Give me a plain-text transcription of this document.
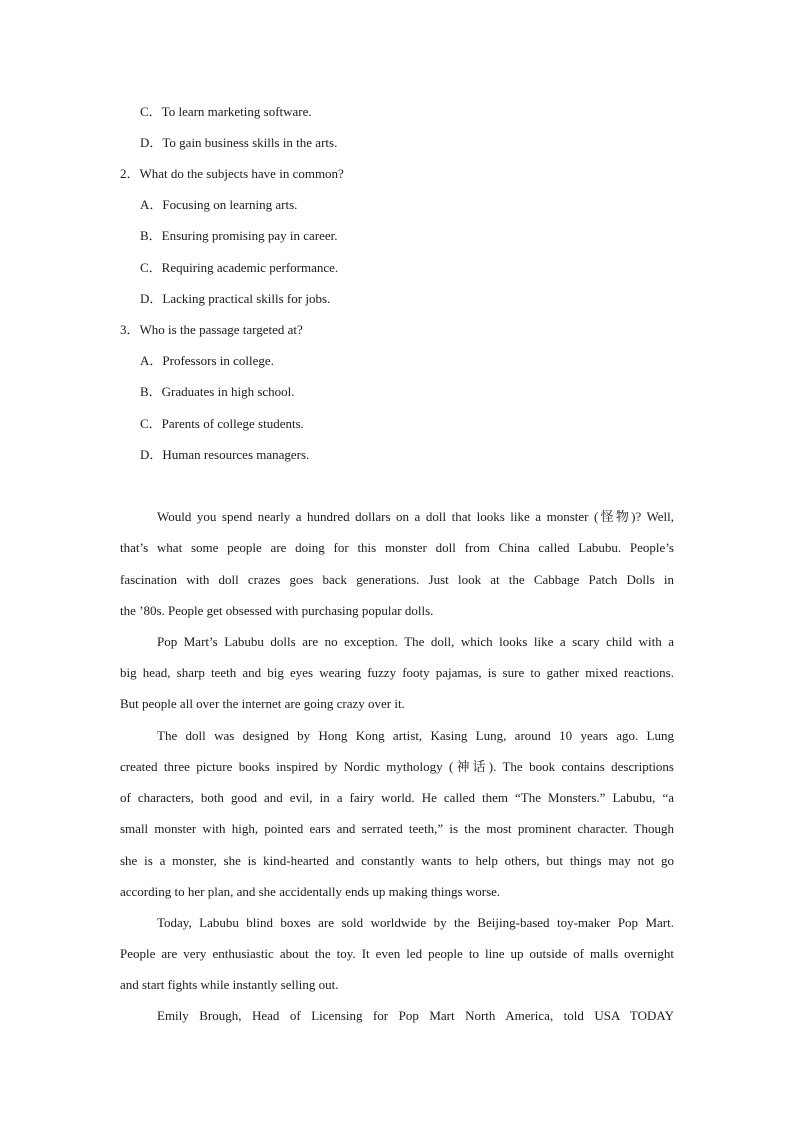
C．To learn marketing software.
D．To gain business skills in the arts.
2．What do the subjects have in common?
A．Focusing on learning arts.
B．Ensuring promising pay in career.
C．Requiring academic performance.
D．Lacking practical skills for jobs.
3．Who is the passage targeted at?
A．Professors in college.
B．Graduates in high school.
C．Parents of college students.
D．Human resources managers.
Would you spend nearly a hundred dollars on a doll that looks like a monster (怪物)? Well,
that’s what some people are doing for this monster doll from China called Labubu. People’s
fascination with doll crazes goes back generations. Just look at the Cabbage Patch Dolls in
the ’80s. People get obsessed with purchasing popular dolls.
Pop Mart’s Labubu dolls are no exception. The doll, which looks like a scary child with a
big head, sharp teeth and big eyes wearing fuzzy footy pajamas, is sure to gather mixed reactions.
But people all over the internet are going crazy over it.
The doll was designed by Hong Kong artist, Kasing Lung, around 10 years ago. Lung
created three picture books inspired by Nordic mythology (神话). The book contains descriptions
of characters, both good and evil, in a fairy world. He called them “The Monsters.” Labubu, “a
small monster with high, pointed ears and serrated teeth,” is the most prominent character. Though
she is a monster, she is kind-hearted and constantly wants to help others, but things may not go
according to her plan, and she accidentally ends up making things worse.
Today, Labubu blind boxes are sold worldwide by the Beijing-based toy-maker Pop Mart.
People are very enthusiastic about the toy. It even led people to line up outside of malls overnight
and start fights while instantly selling out.
Emily Brough, Head of Licensing for Pop Mart North America, told USA TODAY
